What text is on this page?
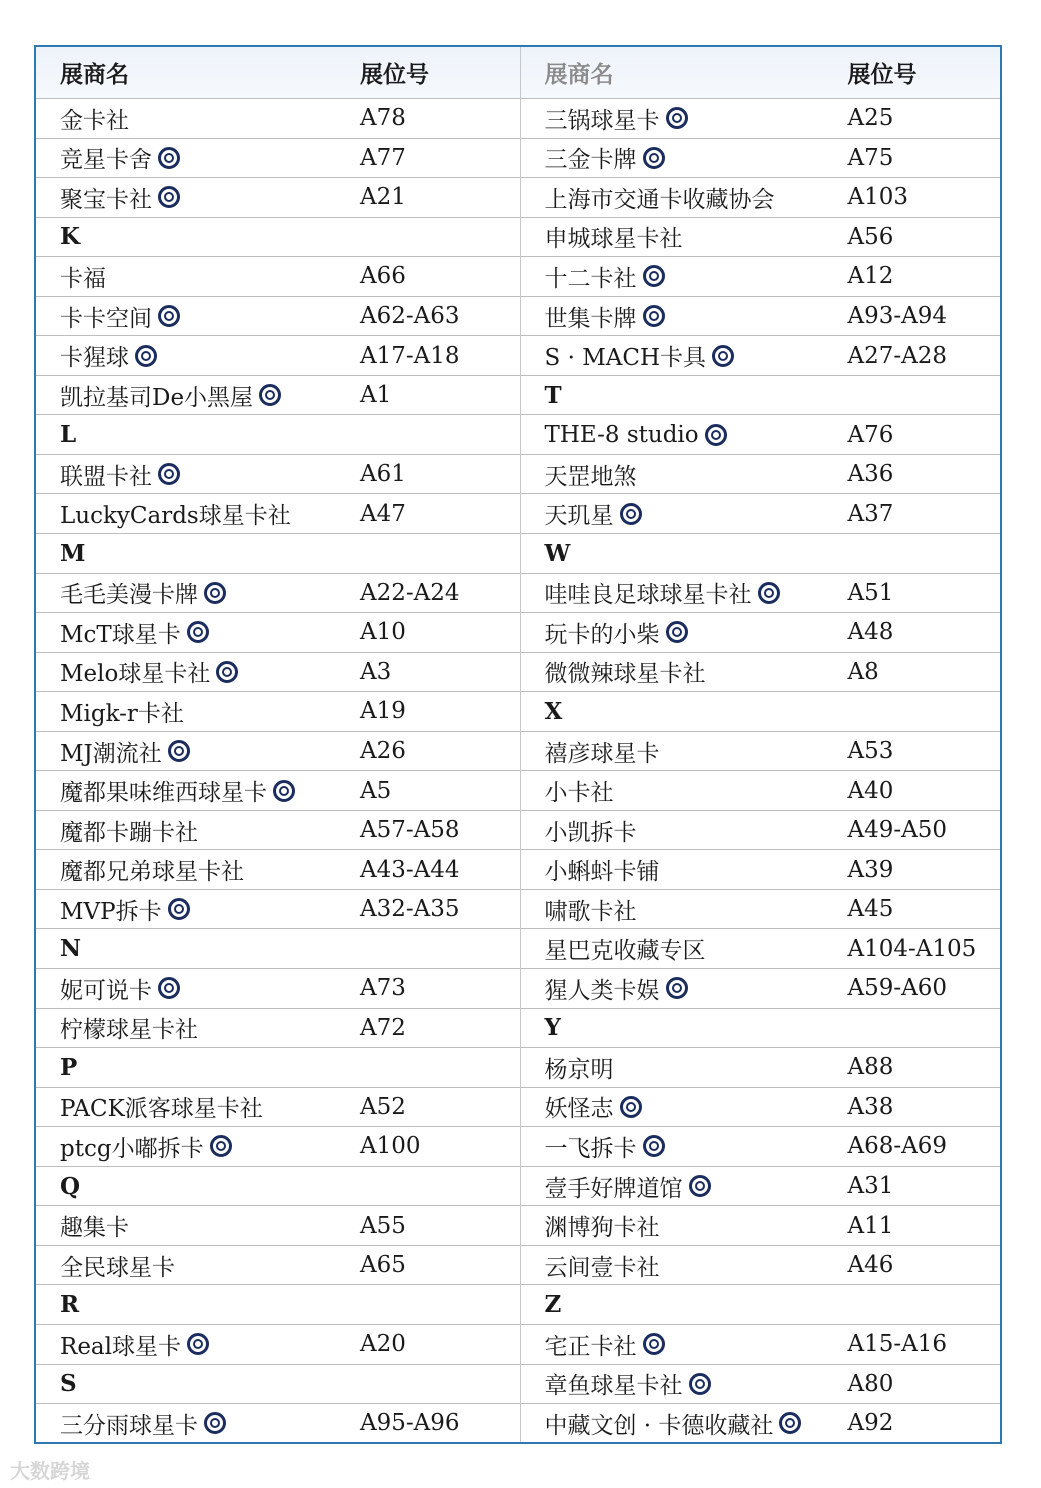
展商名	展位号
金卡社	A78
竞星卡舍	A77
聚宝卡社	A21
K
卡福	A66
卡卡空间	A62-A63
卡猩球	A17-A18
凯拉基司De小黑屋	A1
L
联盟卡社	A61
LuckyCards球星卡社	A47
M
毛毛美漫卡牌	A22-A24
McT球星卡	A10
Melo球星卡社	A3
Migk-r卡社	A19
MJ潮流社	A26
魔都果味维西球星卡	A5
魔都卡蹦卡社	A57-A58
魔都兄弟球星卡社	A43-A44
MVP拆卡	A32-A35
N
妮可说卡	A73
柠檬球星卡社	A72
P
PACK派客球星卡社	A52
ptcg小嘟拆卡	A100
Q
趣集卡	A55
全民球星卡	A65
R
Real球星卡	A20
S
三分雨球星卡	A95-A96
展商名	展位号
三锅球星卡	A25
三金卡牌	A75
上海市交通卡收藏协会	A103
申城球星卡社	A56
十二卡社	A12
世集卡牌	A93-A94
S · MACH卡具	A27-A28
T
THE-8 studio	A76
天罡地煞	A36
天玑星	A37
W
哇哇良足球球星卡社	A51
玩卡的小柴	A48
微微辣球星卡社	A8
X
禧彦球星卡	A53
小卡社	A40
小凯拆卡	A49-A50
小蝌蚪卡铺	A39
啸歌卡社	A45
星巴克收藏专区	A104-A105
猩人类卡娱	A59-A60
Y
杨京明	A88
妖怪志	A38
一飞拆卡	A68-A69
壹手好牌道馆	A31
渊博狗卡社	A11
云间壹卡社	A46
Z
宅正卡社	A15-A16
章鱼球星卡社	A80
中藏文创 · 卡德收藏社	A92
大数跨境
